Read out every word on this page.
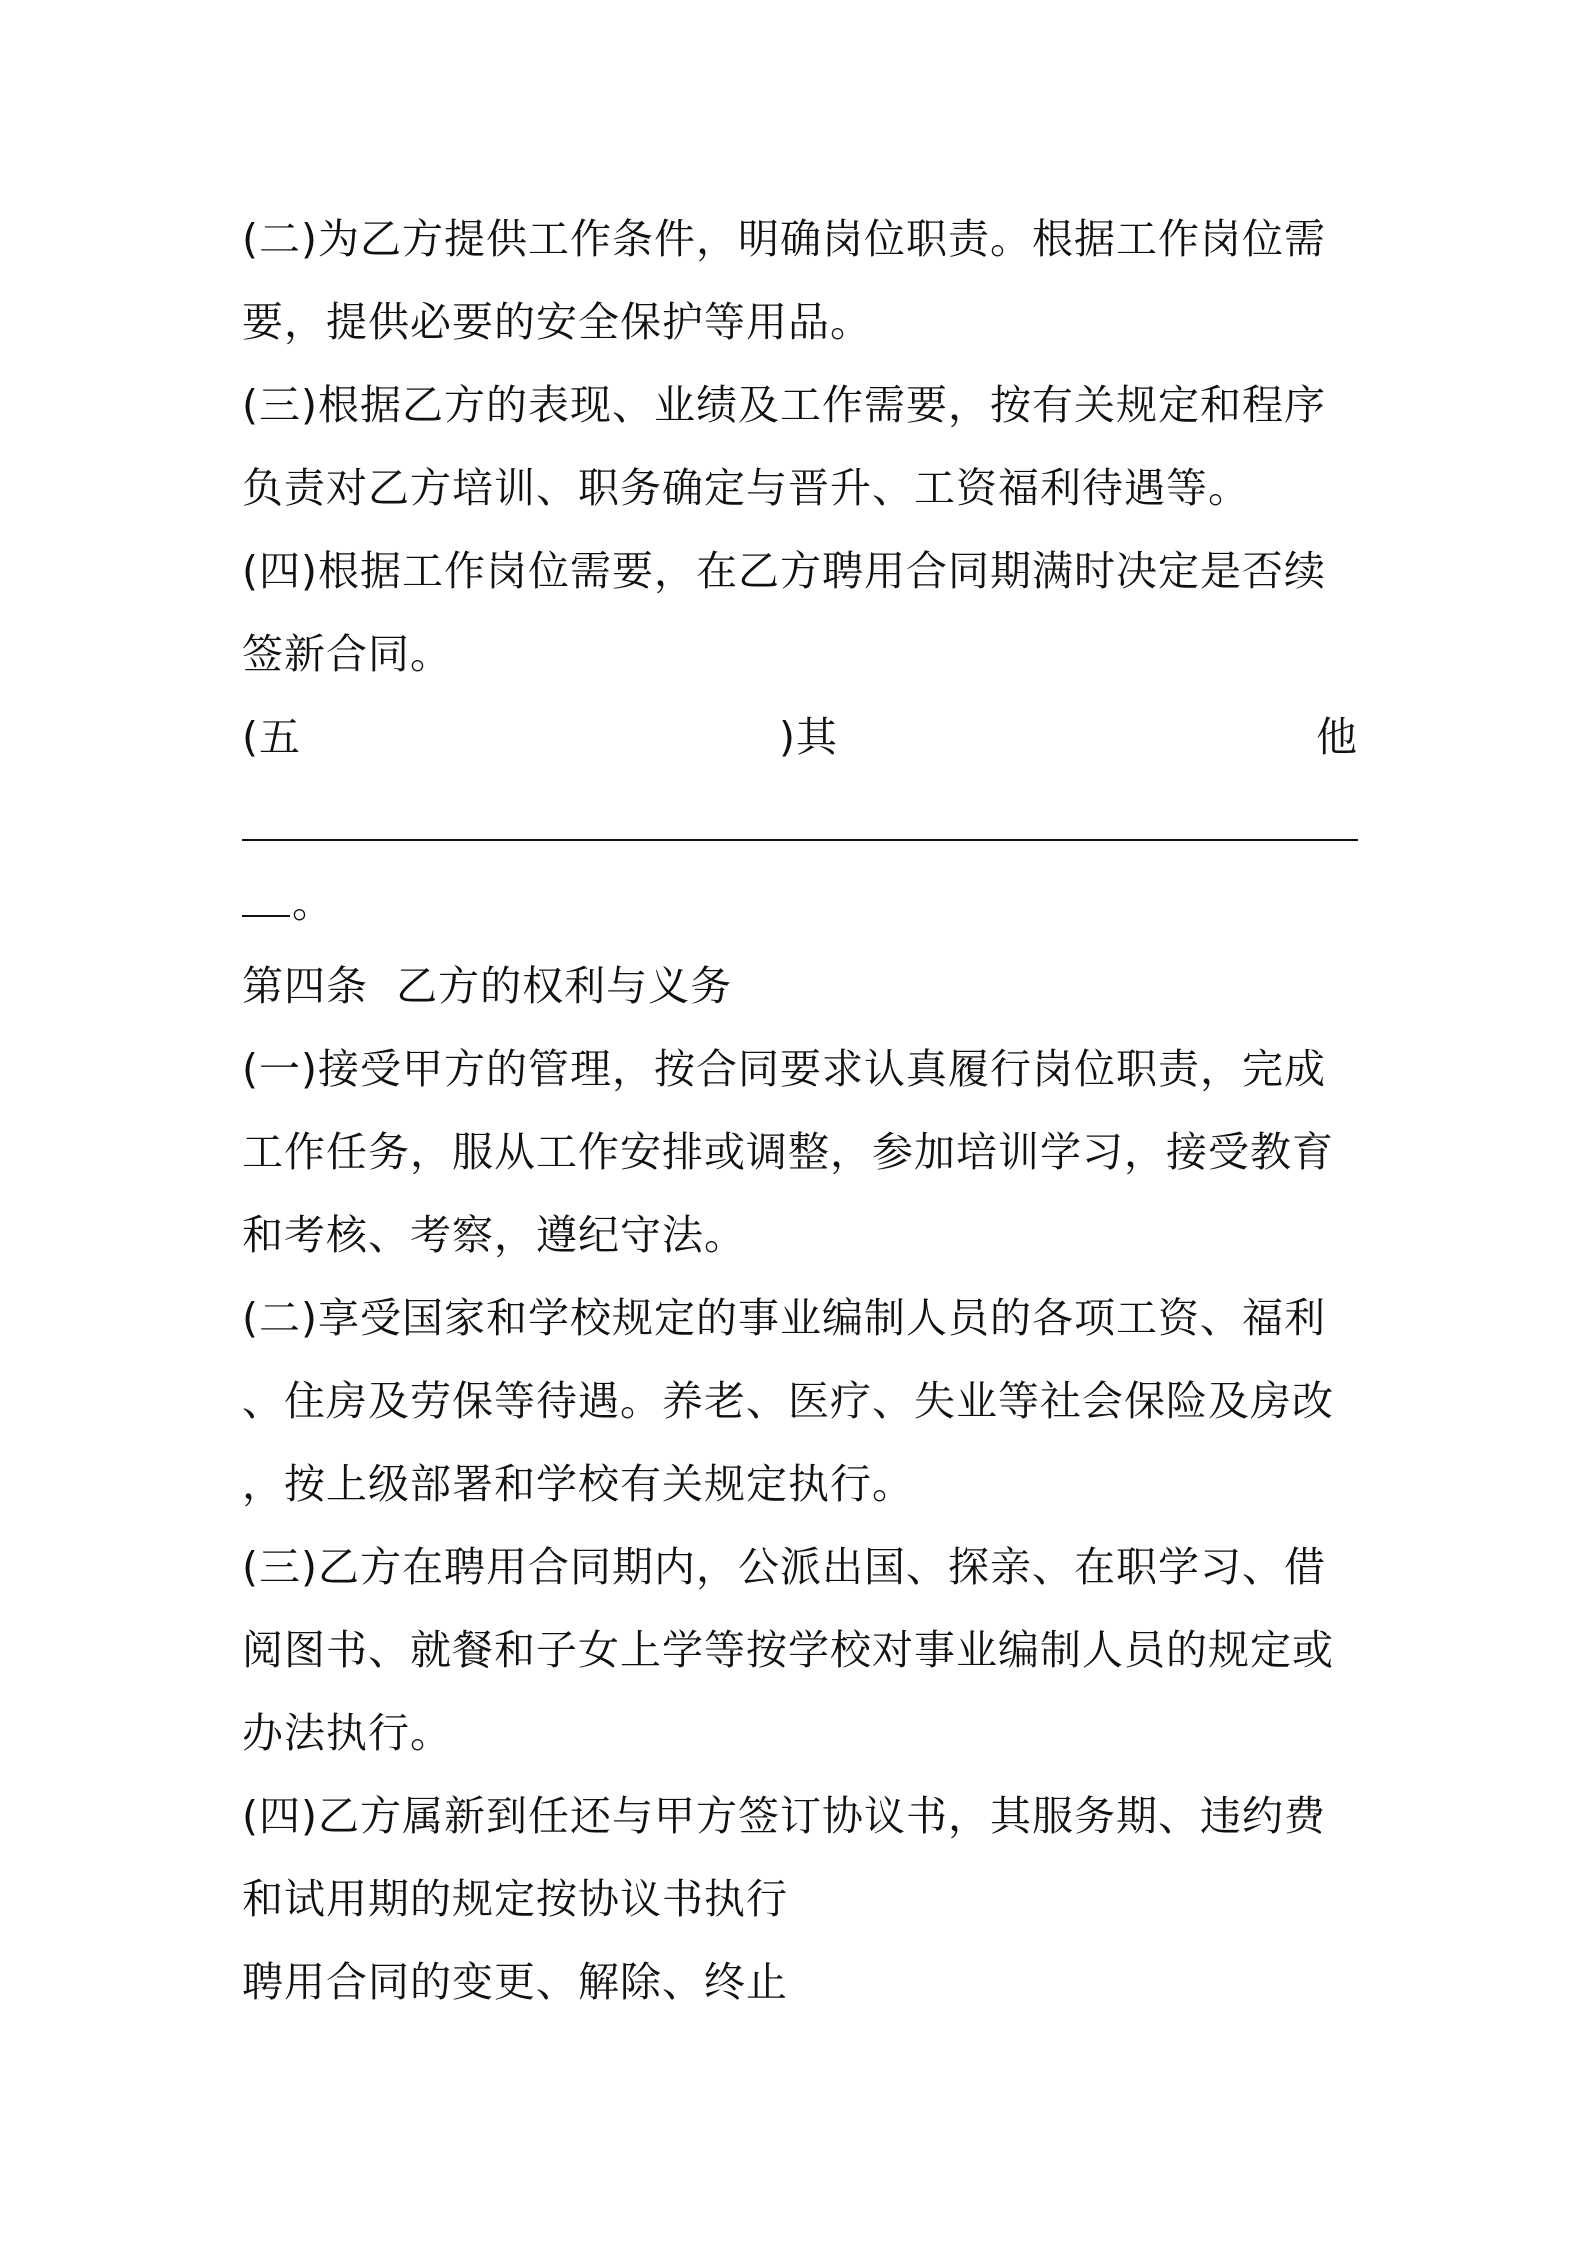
(二)为乙方提供工作条件，明确岗位职责。根据工作岗位需
要，提供必要的安全保护等用品。
(三)根据乙方的表现、业绩及工作需要，按有关规定和程序
负责对乙方培训、职务确定与晋升、工资福利待遇等。
(四)根据工作岗位需要，在乙方聘用合同期满时决定是否续
签新合同。
(五	)其	他
。
第四条  乙方的权利与义务
(一)接受甲方的管理，按合同要求认真履行岗位职责，完成
工作任务，服从工作安排或调整，参加培训学习，接受教育
和考核、考察，遵纪守法。
(二)享受国家和学校规定的事业编制人员的各项工资、福利
、住房及劳保等待遇。养老、医疗、失业等社会保险及房改
，按上级部署和学校有关规定执行。
(三)乙方在聘用合同期内，公派出国、探亲、在职学习、借
阅图书、就餐和子女上学等按学校对事业编制人员的规定或
办法执行。
(四)乙方属新到任还与甲方签订协议书，其服务期、违约费
和试用期的规定按协议书执行
聘用合同的变更、解除、终止
